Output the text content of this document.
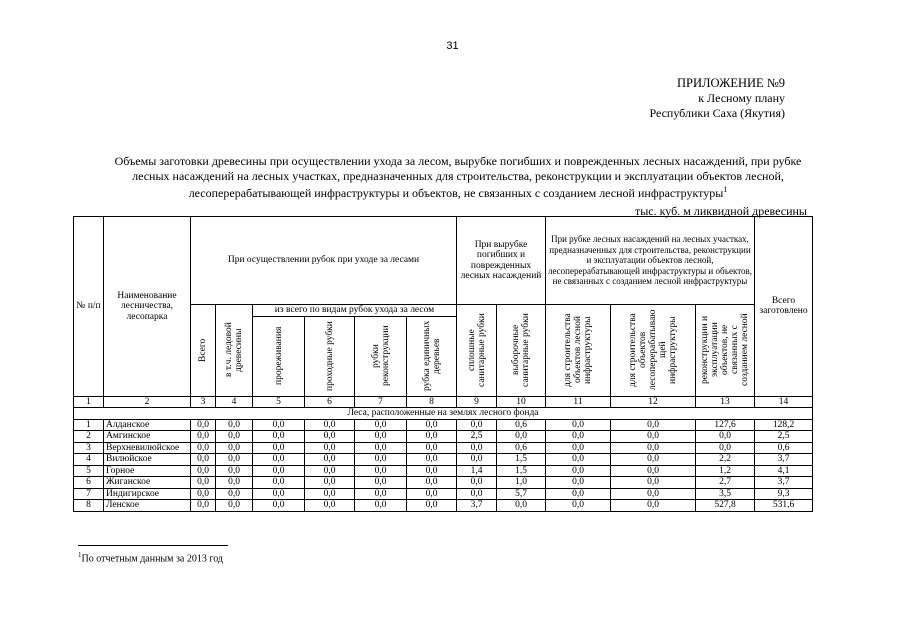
31
ПРИЛОЖЕНИЕ №9
к Лесному плану
Республики Саха (Якутия)
Объемы заготовки древесины при осуществлении ухода за лесом, вырубке погибших и поврежденных лесных насаждений, при рубке
лесных насаждений на лесных участках, предназначенных для строительства, реконструкции и эксплуатации объектов лесной,
лесоперерабатывающей инфраструктуры и объектов, не связанных с созданием лесной инфраструктуры$^1$
тыс. куб. м ликвидной древесины
№ п/п	Наименование лесничества, лесопарка	При осуществлении рубок при уходе за лесами						При вырубке погибших и поврежденных лесных насаждений		При рубке лесных насаждений на лесных участках, предназначенных для строительства, реконструкции и эксплуатации объектов лесной, лесоперерабатывающей инфраструктуры и объектов, не связанных с созданием лесной инфраструктуры			Всего заготовлено

		Всего	в т.ч. ледовой древесины	из всего по видам рубок ухода за лесом				сплошные санитарные рубки	выборочные санитарные рубки	для строительства объектов лесной инфраструктуры	для строительства объектов лесоперерабатываю щей инфраструктуры	реконструкции и эксплуатации объектов, не связанных с созданием лесной	

				прореживания	проходные рубки	рубки реконструкции	рубка единичных деревьев						

1	2	3	4	5	6	7	8	9	10	11	12	13	14
Леса, расположенные на землях лесного фонда													
1	Алданское	0,0	0,0	0,0	0,0	0,0	0,0	0,0	0,6	0,0	0,0	127,6	128,2
2	Амгинское	0,0	0,0	0,0	0,0	0,0	0,0	2,5	0,0	0,0	0,0	0,0	2,5
3	Верхневилюйское	0,0	0,0	0,0	0,0	0,0	0,0	0,0	0,6	0,0	0,0	0,0	0,6
4	Вилюйское	0,0	0,0	0,0	0,0	0,0	0,0	0,0	1,5	0,0	0,0	2,2	3,7
5	Горное	0,0	0,0	0,0	0,0	0,0	0,0	1,4	1,5	0,0	0,0	1,2	4,1
6	Жиганское	0,0	0,0	0,0	0,0	0,0	0,0	0,0	1,0	0,0	0,0	2,7	3,7
7	Индигирское	0,0	0,0	0,0	0,0	0,0	0,0	0,0	5,7	0,0	0,0	3,5	9,3
8	Ленское	0,0	0,0	0,0	0,0	0,0	0,0	3,7	0,0	0,0	0,0	527,8	531,6
$^1$По отчетным данным за 2013 год
